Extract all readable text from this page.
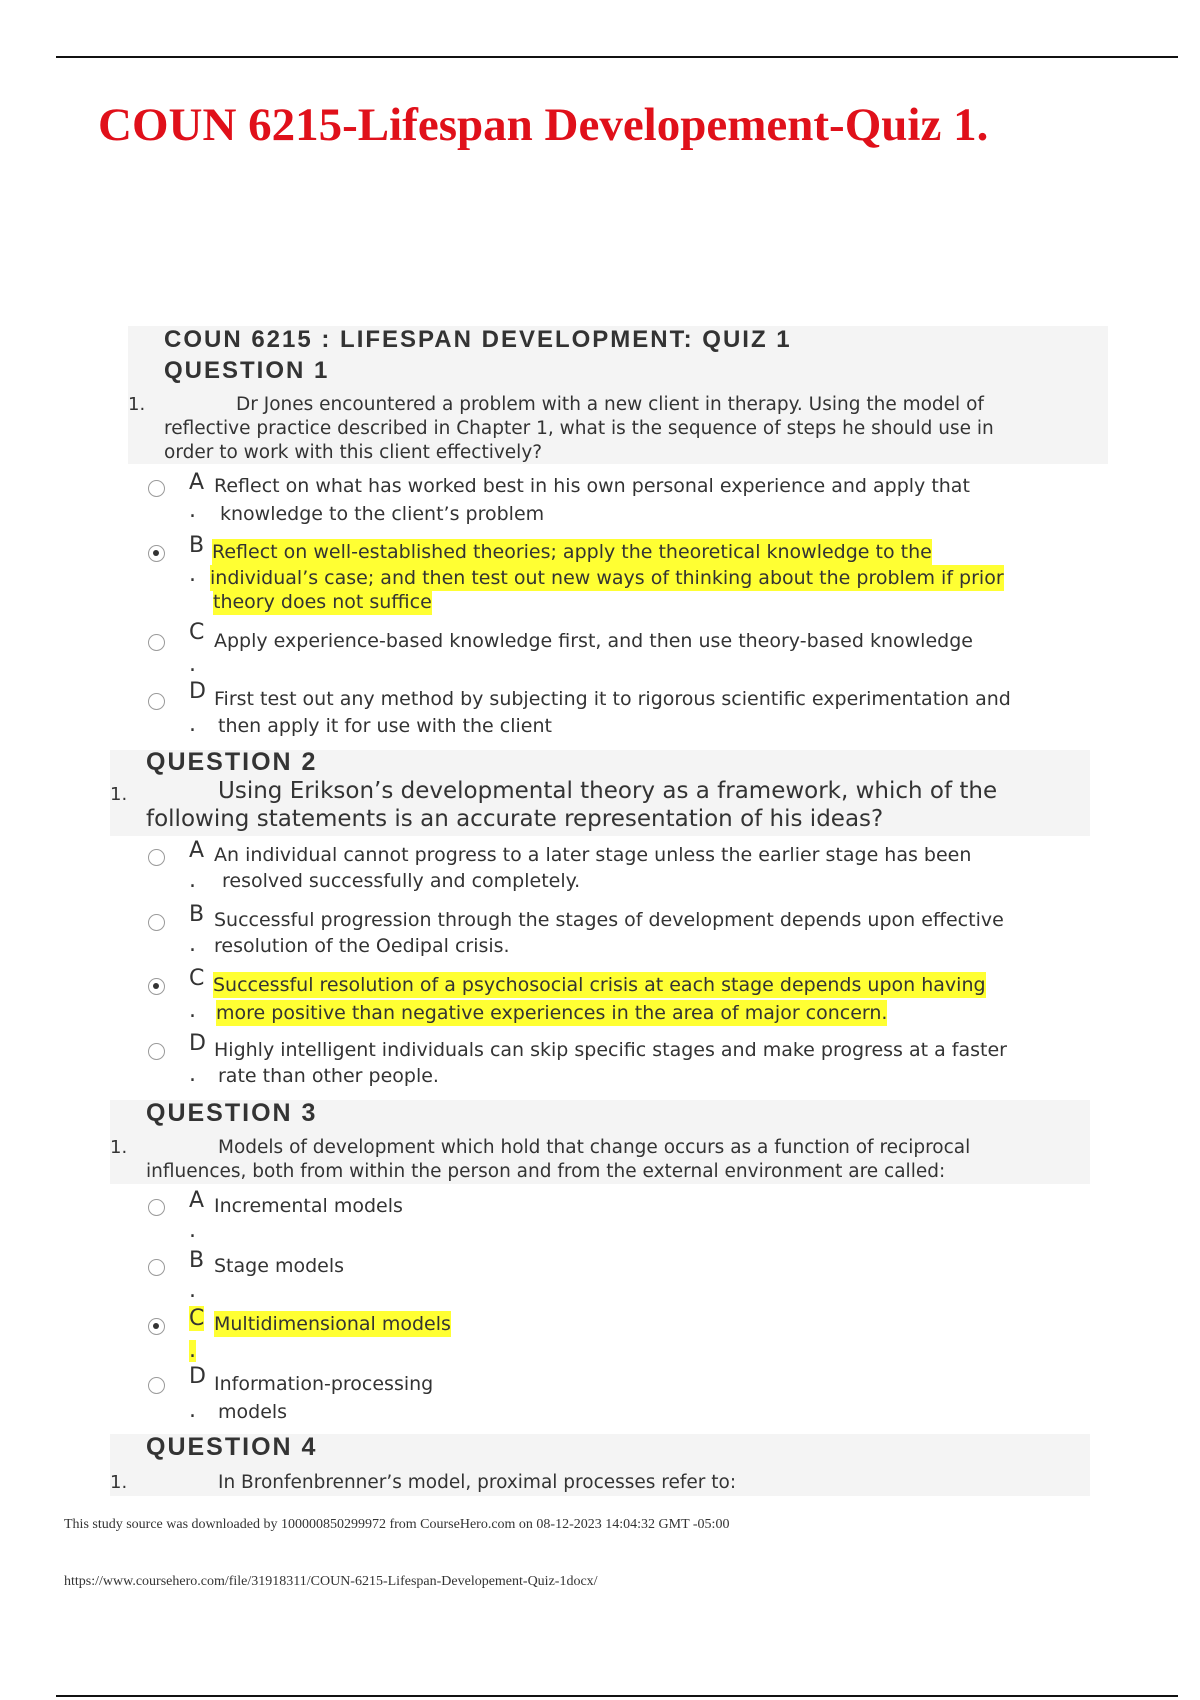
COUN 6215-Lifespan Developement-Quiz 1.
COUN 6215 : LIFESPAN DEVELOPMENT: QUIZ 1
QUESTION 1
1.	Dr Jones encountered a problem with a new client in therapy. Using the model of
reflective practice described in Chapter 1, what is the sequence of steps he should use in
order to work with this client effectively?
A
.
Reflect on what has worked best in his own personal experience and apply that
knowledge to the client’s problem
B
.
Reflect on well-established theories; apply the theoretical knowledge to the
individual’s case; and then test out new ways of thinking about the problem if prior
theory does not suffice
C
.
Apply experience-based knowledge first, and then use theory-based knowledge
D
.
First test out any method by subjecting it to rigorous scientific experimentation and
then apply it for use with the client
QUESTION 2
1.	Using Erikson’s developmental theory as a framework, which of the
following statements is an accurate representation of his ideas?
A
.
An individual cannot progress to a later stage unless the earlier stage has been
resolved successfully and completely.
B
.
Successful progression through the stages of development depends upon effective
resolution of the Oedipal crisis.
C
.
Successful resolution of a psychosocial crisis at each stage depends upon having
more positive than negative experiences in the area of major concern.
D
.
Highly intelligent individuals can skip specific stages and make progress at a faster
rate than other people.
QUESTION 3
1.	Models of development which hold that change occurs as a function of reciprocal
influences, both from within the person and from the external environment are called:
A
.
Incremental models
B
.
Stage models
C
.
Multidimensional models
D
.
Information-processing
models
QUESTION 4
1.	In Bronfenbrenner’s model, proximal processes refer to:
This study source was downloaded by 100000850299972 from CourseHero.com on 08-12-2023 14:04:32 GMT -05:00
https://www.coursehero.com/file/31918311/COUN-6215-Lifespan-Developement-Quiz-1docx/
